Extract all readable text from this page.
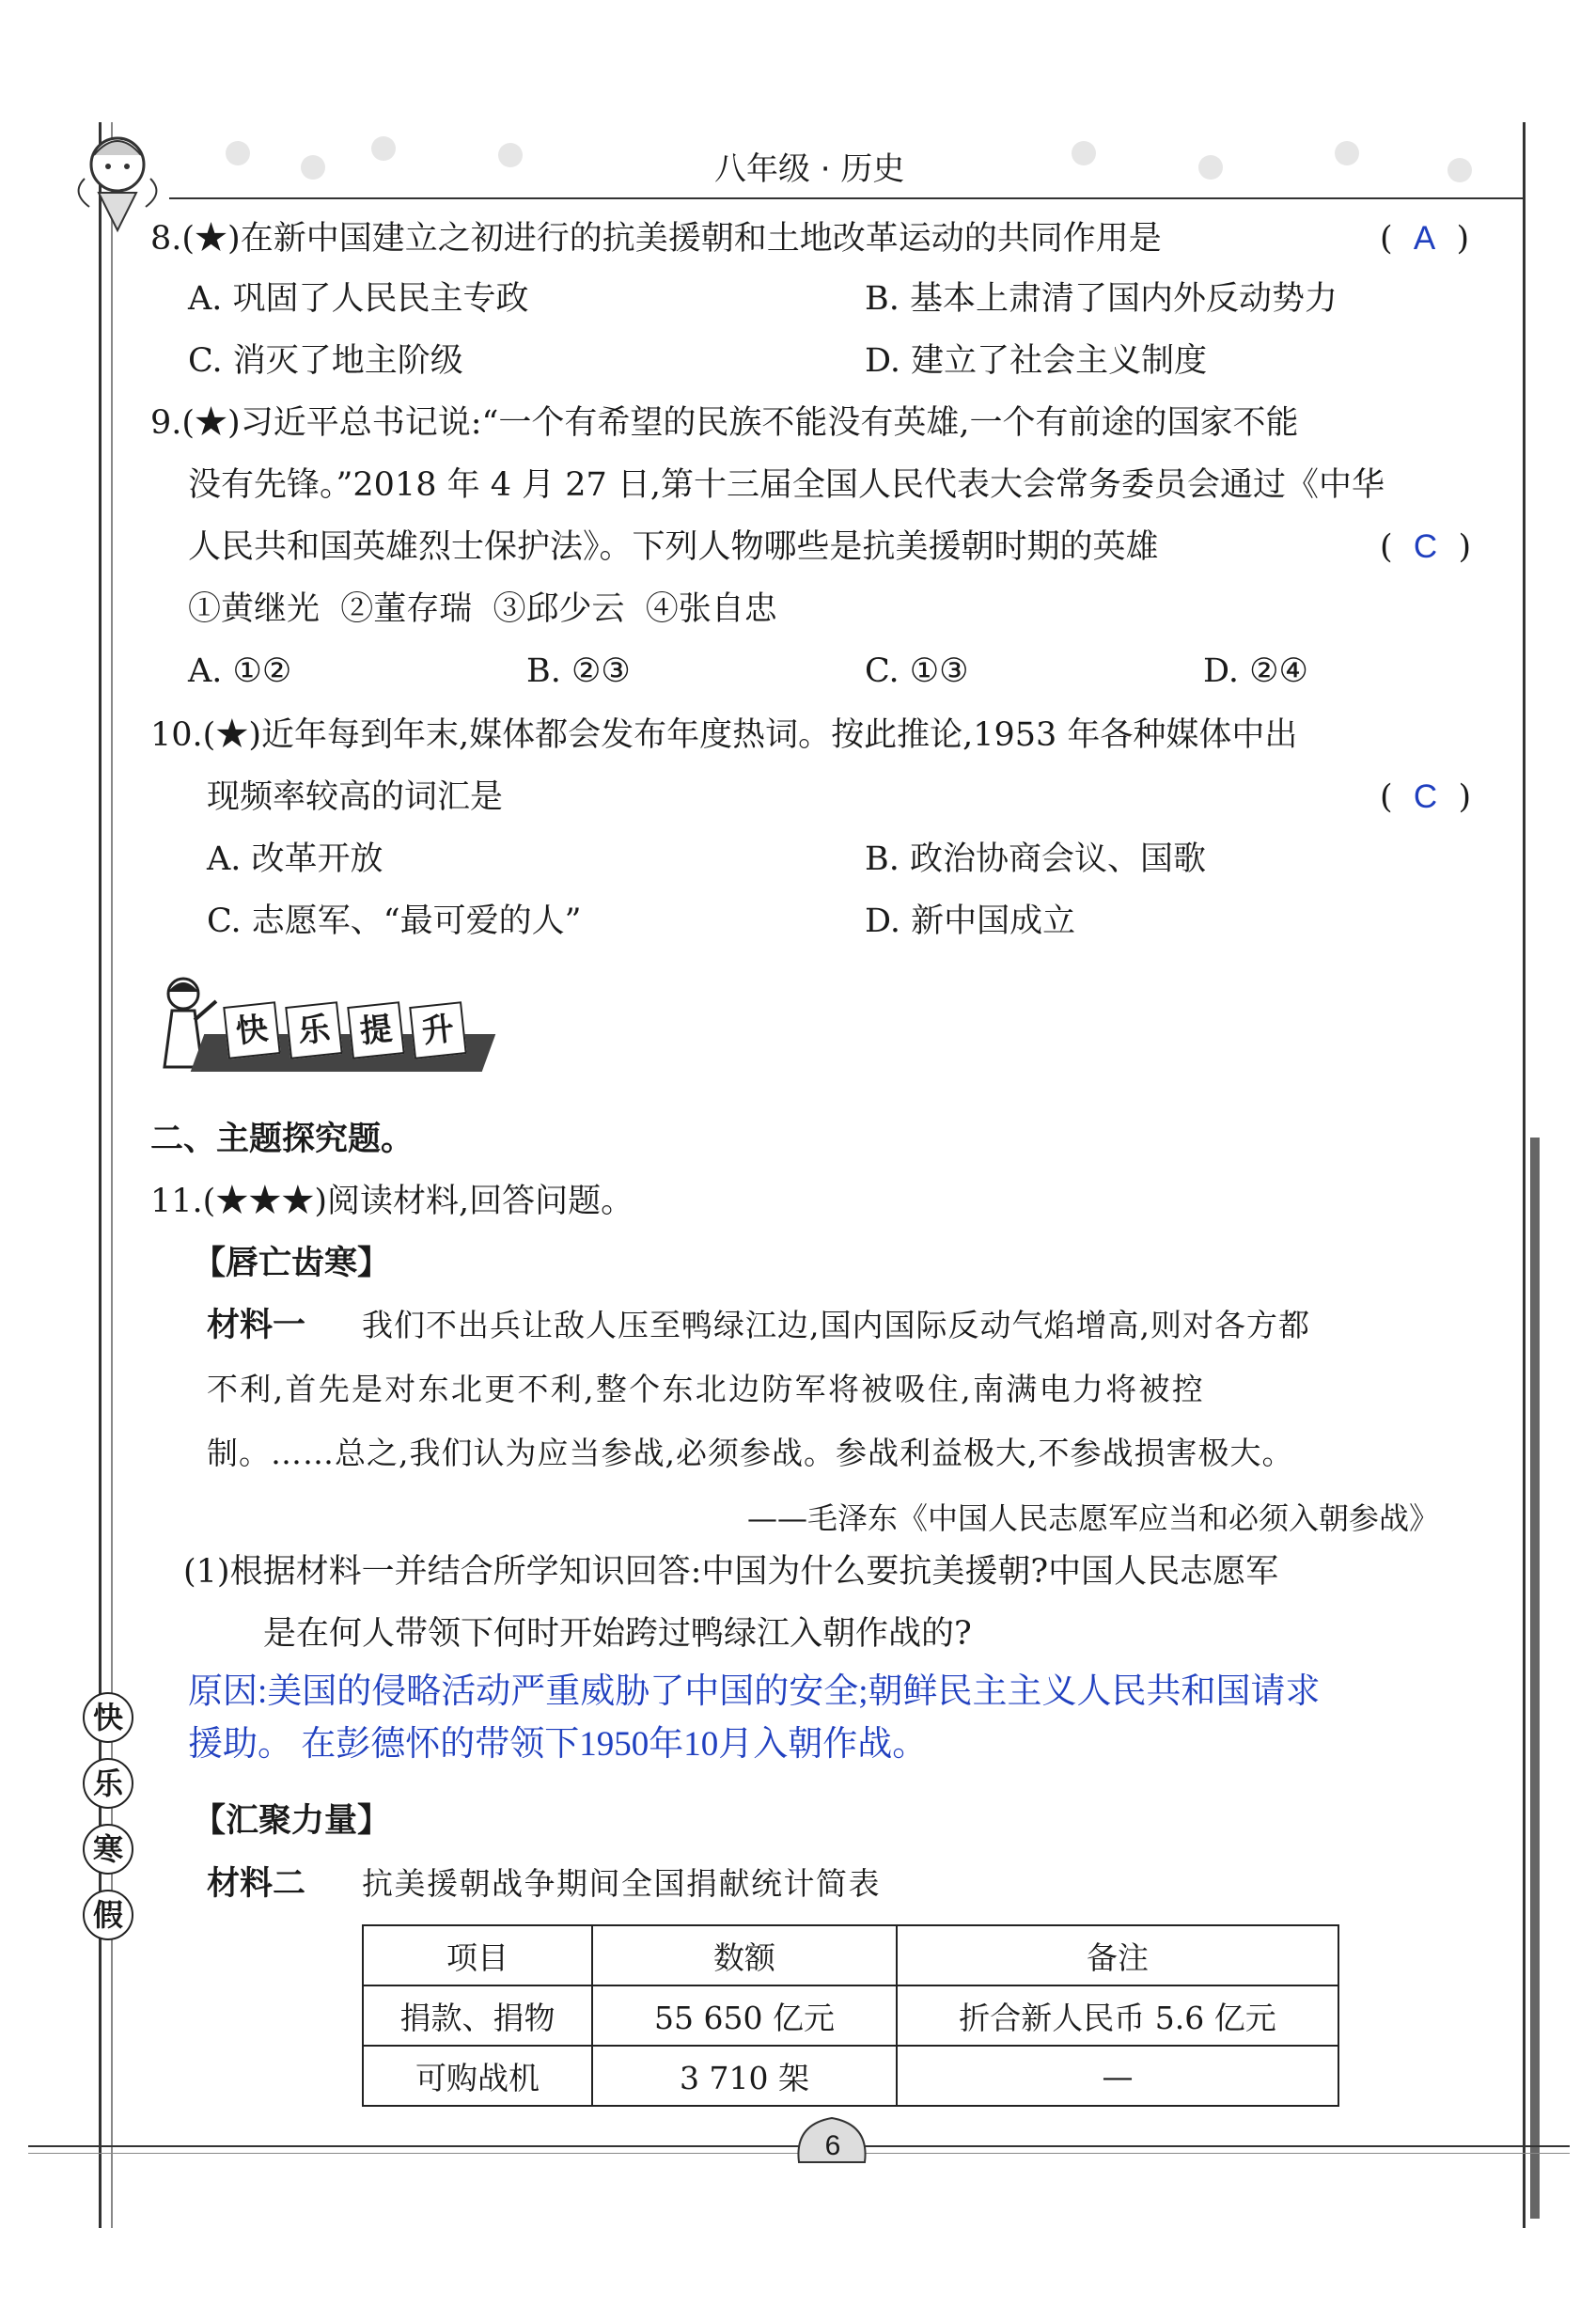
八年级 · 历史
8.(★)在新中国建立之初进行的抗美援朝和土地改革运动的共同作用是	(  A  )
A. 巩固了人民民主专政	B. 基本上肃清了国内外反动势力
C. 消灭了地主阶级	D. 建立了社会主义制度
9.(★)习近平总书记说:“一个有希望的民族不能没有英雄,一个有前途的国家不能
没有先锋。”2018 年 4 月 27 日,第十三届全国人民代表大会常务委员会通过《中华
人民共和国英雄烈士保护法》。下列人物哪些是抗美援朝时期的英雄	(  C  )
①黄继光  ②董存瑞  ③邱少云  ④张自忠
A. ①②	B. ②③	C. ①③	D. ②④
10.(★)近年每到年末,媒体都会发布年度热词。按此推论,1953 年各种媒体中出
现频率较高的词汇是	(  C  )
A. 改革开放	B. 政治协商会议、国歌
C. 志愿军、“最可爱的人”	D. 新中国成立
快 乐 提 升
二、主题探究题。
11.(★★★)阅读材料,回答问题。
【唇亡齿寒】
材料一 我们不出兵让敌人压至鸭绿江边,国内国际反动气焰增高,则对各方都
不利,首先是对东北更不利,整个东北边防军将被吸住,南满电力将被控
制。……总之,我们认为应当参战,必须参战。参战利益极大,不参战损害极大。
——毛泽东《中国人民志愿军应当和必须入朝参战》
(1)根据材料一并结合所学知识回答:中国为什么要抗美援朝?中国人民志愿军
是在何人带领下何时开始跨过鸭绿江入朝作战的?
原因:美国的侵略活动严重威胁了中国的安全;朝鲜民主主义人民共和国请求
援助。 在彭德怀的带领下1950年10月入朝作战。
【汇聚力量】
材料二 抗美援朝战争期间全国捐献统计简表
项目	数额	备注
捐款、捐物	55 650 亿元	折合新人民币 5.6 亿元
可购战机	3 710 架	—
快
乐
寒
假
6
